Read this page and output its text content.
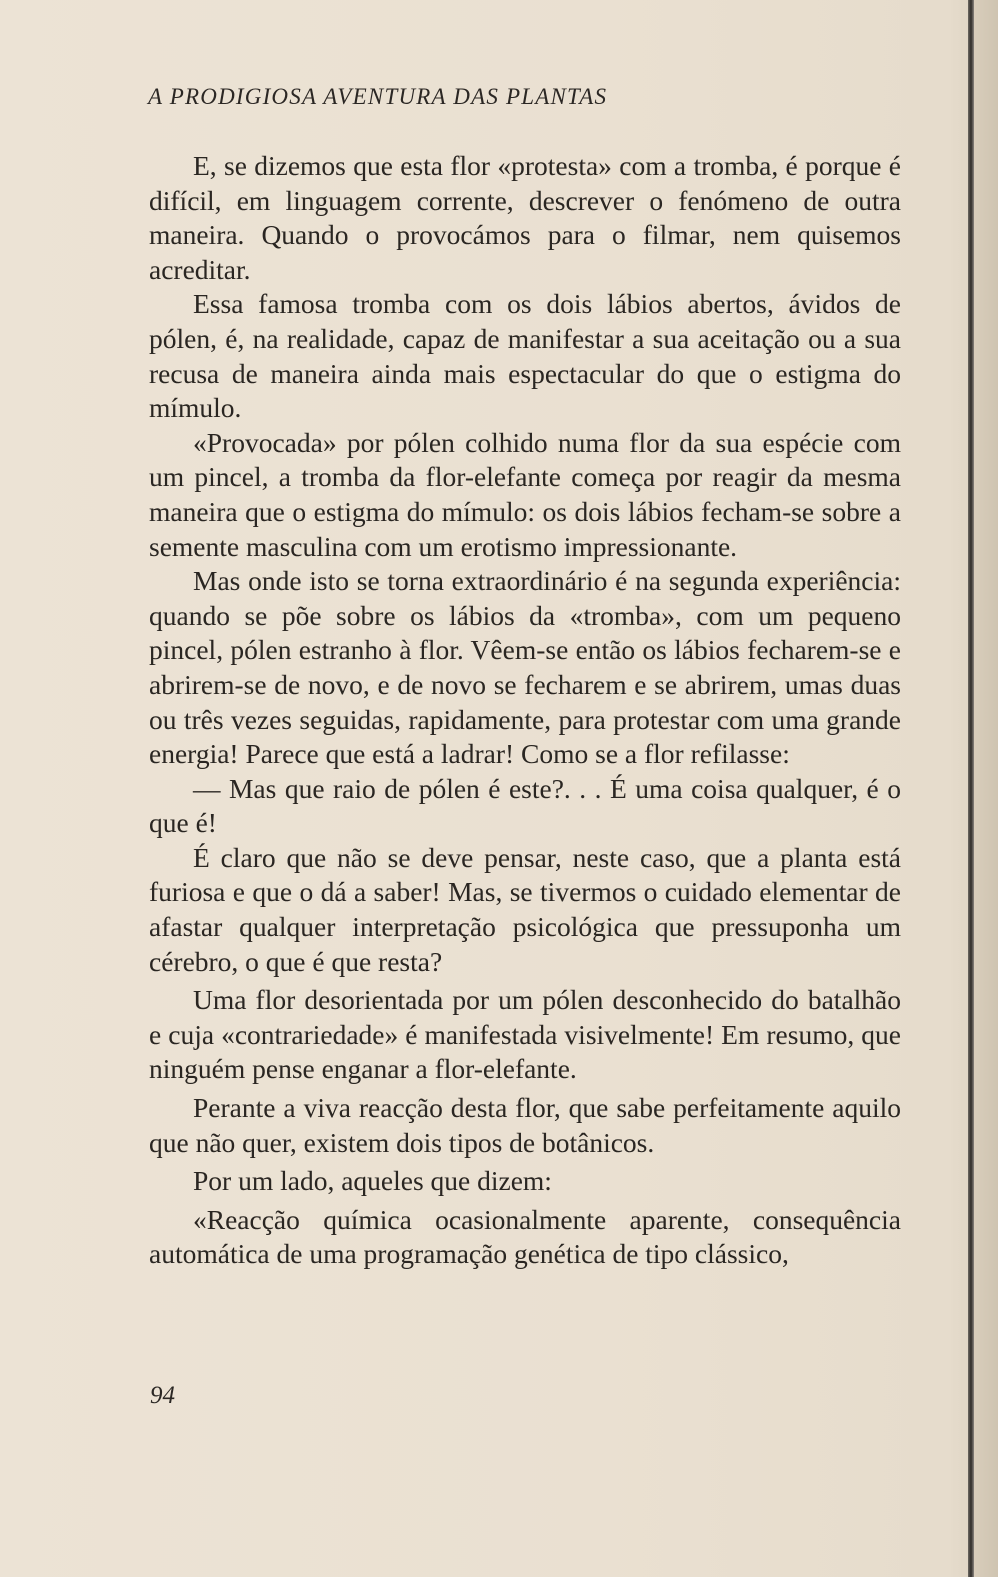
A PRODIGIOSA AVENTURA DAS PLANTAS

E, se dizemos que esta flor «protesta» com a tromba, é porque é difícil, em linguagem corrente, descrever o fenómeno de outra maneira. Quando o provocámos para o filmar, nem quisemos acreditar.

Essa famosa tromba com os dois lábios abertos, ávidos de pólen, é, na realidade, capaz de manifestar a sua aceitação ou a sua recusa de maneira ainda mais espectacular do que o estigma do mímulo.

«Provocada» por pólen colhido numa flor da sua espécie com um pincel, a tromba da flor-elefante começa por reagir da mesma maneira que o estigma do mímulo: os dois lábios fecham-se sobre a semente masculina com um erotismo impressionante.

Mas onde isto se torna extraordinário é na segunda experiência: quando se põe sobre os lábios da «tromba», com um pequeno pincel, pólen estranho à flor. Vêem-se então os lábios fecharem-se e abrirem-se de novo, e de novo se fecharem e se abrirem, umas duas ou três vezes seguidas, rapidamente, para protestar com uma grande energia! Parece que está a ladrar! Como se a flor refilasse:

— Mas que raio de pólen é este?. . . É uma coisa qualquer, é o que é!

É claro que não se deve pensar, neste caso, que a planta está furiosa e que o dá a saber! Mas, se tivermos o cuidado elementar de afastar qualquer interpretação psicológica que pressuponha um cérebro, o que é que resta?

Uma flor desorientada por um pólen desconhecido do batalhão e cuja «contrariedade» é manifestada visivelmente! Em resumo, que ninguém pense enganar a flor-elefante.

Perante a viva reacção desta flor, que sabe perfeitamente aquilo que não quer, existem dois tipos de botânicos.

Por um lado, aqueles que dizem:

«Reacção química ocasionalmente aparente, consequência automática de uma programação genética de tipo clássico,

94
